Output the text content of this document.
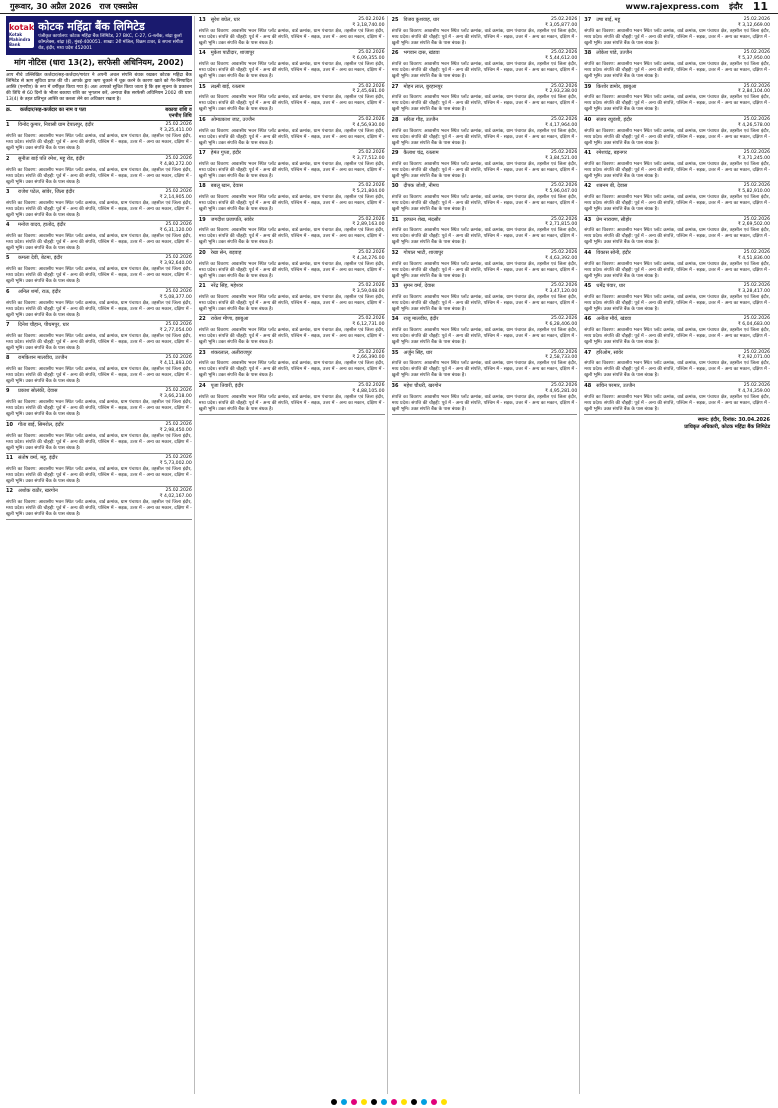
गुरूवार, 30 अप्रैल 2026 राज एक्सप्रेस	www.rajexpress.com इंदौर 11
kotak
Kotak Mahindra Bank
कोटक महिंद्रा बैंक लिमिटेड
पंजीकृत कार्यालय: कोटक महिंद्रा बैंक लिमिटेड, 27 BKC, C-27, G-ब्लॉक, बांद्रा कुर्ला कॉम्प्लेक्स, बांद्रा (ई), मुंबई-400051. शाखा: 2री मंजिल, विक्रम टावर, 8 सपना संगीता रोड, इंदौर, मध्य प्रदेश 452001
मांग नोटिस (धारा 13(2), सरफेसी अधिनियम, 2002)
आप नीचे उल्लिखित कर्जदार/सह-कर्जदार/गारंटर ने अपनी अचल संपत्ति बंधक रखकर कोटक महिंद्रा बैंक लिमिटेड से ऋण सुविधा प्राप्त की थी। आपके द्वारा ऋण चुकाने में चूक करने के कारण खाते को गैर-निष्पादित आस्ति (एनपीए) के रूप में वर्गीकृत किया गया है। अतः आपको सूचित किया जाता है कि इस सूचना के प्रकाशन की तिथि से 60 दिनों के भीतर बकाया राशि का भुगतान करें, अन्यथा बैंक सरफेसी अधिनियम 2002 की धारा 13(4) के तहत प्रतिभूत आस्ति का कब्जा लेने का अधिकार रखता है।
क्र.	कर्जदार/सह-कर्जदार का नाम व पता	बकाया राशि व एनपीए तिथि
1	विनोद कुमार, निवासी ग्राम देपालपुर, इंदौर	25.02.2026
₹ 3,25,411.00
संपत्ति का विवरण: आवासीय भवन स्थित प्लॉट क्रमांक, वार्ड क्रमांक, ग्राम पंचायत क्षेत्र, तहसील एवं जिला इंदौर, मध्य प्रदेश। संपत्ति की चौहद्दी: पूर्व में - अन्य की संपत्ति, पश्चिम में - सड़क, उत्तर में - अन्य का मकान, दक्षिण में - खुली भूमि। उक्त संपत्ति बैंक के पास बंधक है।
2	सुनीता बाई पति रमेश, महू रोड, इंदौर	25.02.2026
₹ 4,80,272.00
संपत्ति का विवरण: आवासीय भवन स्थित प्लॉट क्रमांक, वार्ड क्रमांक, ग्राम पंचायत क्षेत्र, तहसील एवं जिला इंदौर, मध्य प्रदेश। संपत्ति की चौहद्दी: पूर्व में - अन्य की संपत्ति, पश्चिम में - सड़क, उत्तर में - अन्य का मकान, दक्षिण में - खुली भूमि। उक्त संपत्ति बैंक के पास बंधक है।
3	राजेश पटेल, सांवेर, जिला इंदौर	25.02.2026
₹ 2,14,905.00
संपत्ति का विवरण: आवासीय भवन स्थित प्लॉट क्रमांक, वार्ड क्रमांक, ग्राम पंचायत क्षेत्र, तहसील एवं जिला इंदौर, मध्य प्रदेश। संपत्ति की चौहद्दी: पूर्व में - अन्य की संपत्ति, पश्चिम में - सड़क, उत्तर में - अन्य का मकान, दक्षिण में - खुली भूमि। उक्त संपत्ति बैंक के पास बंधक है।
4	मनोज यादव, हातोद, इंदौर	25.02.2026
₹ 6,31,120.00
संपत्ति का विवरण: आवासीय भवन स्थित प्लॉट क्रमांक, वार्ड क्रमांक, ग्राम पंचायत क्षेत्र, तहसील एवं जिला इंदौर, मध्य प्रदेश। संपत्ति की चौहद्दी: पूर्व में - अन्य की संपत्ति, पश्चिम में - सड़क, उत्तर में - अन्य का मकान, दक्षिण में - खुली भूमि। उक्त संपत्ति बैंक के पास बंधक है।
5	कमला देवी, बेटमा, इंदौर	25.02.2026
₹ 3,92,640.00
संपत्ति का विवरण: आवासीय भवन स्थित प्लॉट क्रमांक, वार्ड क्रमांक, ग्राम पंचायत क्षेत्र, तहसील एवं जिला इंदौर, मध्य प्रदेश। संपत्ति की चौहद्दी: पूर्व में - अन्य की संपत्ति, पश्चिम में - सड़क, उत्तर में - अन्य का मकान, दक्षिण में - खुली भूमि। उक्त संपत्ति बैंक के पास बंधक है।
6	अनिल शर्मा, राऊ, इंदौर	25.02.2026
₹ 5,08,377.00
संपत्ति का विवरण: आवासीय भवन स्थित प्लॉट क्रमांक, वार्ड क्रमांक, ग्राम पंचायत क्षेत्र, तहसील एवं जिला इंदौर, मध्य प्रदेश। संपत्ति की चौहद्दी: पूर्व में - अन्य की संपत्ति, पश्चिम में - सड़क, उत्तर में - अन्य का मकान, दक्षिण में - खुली भूमि। उक्त संपत्ति बैंक के पास बंधक है।
7	दिनेश चौहान, पीथमपुर, धार	25.02.2026
₹ 2,77,054.00
संपत्ति का विवरण: आवासीय भवन स्थित प्लॉट क्रमांक, वार्ड क्रमांक, ग्राम पंचायत क्षेत्र, तहसील एवं जिला इंदौर, मध्य प्रदेश। संपत्ति की चौहद्दी: पूर्व में - अन्य की संपत्ति, पश्चिम में - सड़क, उत्तर में - अन्य का मकान, दक्षिण में - खुली भूमि। उक्त संपत्ति बैंक के पास बंधक है।
8	रामकिशन मालवीय, उज्जैन	25.02.2026
₹ 4,11,893.00
संपत्ति का विवरण: आवासीय भवन स्थित प्लॉट क्रमांक, वार्ड क्रमांक, ग्राम पंचायत क्षेत्र, तहसील एवं जिला इंदौर, मध्य प्रदेश। संपत्ति की चौहद्दी: पूर्व में - अन्य की संपत्ति, पश्चिम में - सड़क, उत्तर में - अन्य का मकान, दक्षिण में - खुली भूमि। उक्त संपत्ति बैंक के पास बंधक है।
9	प्रकाश सोलंकी, देवास	25.02.2026
₹ 3,66,218.00
संपत्ति का विवरण: आवासीय भवन स्थित प्लॉट क्रमांक, वार्ड क्रमांक, ग्राम पंचायत क्षेत्र, तहसील एवं जिला इंदौर, मध्य प्रदेश। संपत्ति की चौहद्दी: पूर्व में - अन्य की संपत्ति, पश्चिम में - सड़क, उत्तर में - अन्य का मकान, दक्षिण में - खुली भूमि। उक्त संपत्ति बैंक के पास बंधक है।
10	गीता बाई, सिमरोल, इंदौर	25.02.2026
₹ 2,98,450.00
संपत्ति का विवरण: आवासीय भवन स्थित प्लॉट क्रमांक, वार्ड क्रमांक, ग्राम पंचायत क्षेत्र, तहसील एवं जिला इंदौर, मध्य प्रदेश। संपत्ति की चौहद्दी: पूर्व में - अन्य की संपत्ति, पश्चिम में - सड़क, उत्तर में - अन्य का मकान, दक्षिण में - खुली भूमि। उक्त संपत्ति बैंक के पास बंधक है।
11	संतोष वर्मा, महू, इंदौर	25.02.2026
₹ 5,73,002.00
संपत्ति का विवरण: आवासीय भवन स्थित प्लॉट क्रमांक, वार्ड क्रमांक, ग्राम पंचायत क्षेत्र, तहसील एवं जिला इंदौर, मध्य प्रदेश। संपत्ति की चौहद्दी: पूर्व में - अन्य की संपत्ति, पश्चिम में - सड़क, उत्तर में - अन्य का मकान, दक्षिण में - खुली भूमि। उक्त संपत्ति बैंक के पास बंधक है।
12	अशोक राठौर, खरगोन	25.02.2026
₹ 4,02,167.00
संपत्ति का विवरण: आवासीय भवन स्थित प्लॉट क्रमांक, वार्ड क्रमांक, ग्राम पंचायत क्षेत्र, तहसील एवं जिला इंदौर, मध्य प्रदेश। संपत्ति की चौहद्दी: पूर्व में - अन्य की संपत्ति, पश्चिम में - सड़क, उत्तर में - अन्य का मकान, दक्षिण में - खुली भूमि। उक्त संपत्ति बैंक के पास बंधक है।
13	सुरेश बघेल, धार	25.02.2026
₹ 3,18,740.00
संपत्ति का विवरण: आवासीय भवन स्थित प्लॉट क्रमांक, वार्ड क्रमांक, ग्राम पंचायत क्षेत्र, तहसील एवं जिला इंदौर, मध्य प्रदेश। संपत्ति की चौहद्दी: पूर्व में - अन्य की संपत्ति, पश्चिम में - सड़क, उत्तर में - अन्य का मकान, दक्षिण में - खुली भूमि। उक्त संपत्ति बैंक के पास बंधक है।
14	मुकेश पाटीदार, शाजापुर	25.02.2026
₹ 6,09,355.00
संपत्ति का विवरण: आवासीय भवन स्थित प्लॉट क्रमांक, वार्ड क्रमांक, ग्राम पंचायत क्षेत्र, तहसील एवं जिला इंदौर, मध्य प्रदेश। संपत्ति की चौहद्दी: पूर्व में - अन्य की संपत्ति, पश्चिम में - सड़क, उत्तर में - अन्य का मकान, दक्षिण में - खुली भूमि। उक्त संपत्ति बैंक के पास बंधक है।
15	लक्ष्मी बाई, रतलाम	25.02.2026
₹ 2,45,681.00
संपत्ति का विवरण: आवासीय भवन स्थित प्लॉट क्रमांक, वार्ड क्रमांक, ग्राम पंचायत क्षेत्र, तहसील एवं जिला इंदौर, मध्य प्रदेश। संपत्ति की चौहद्दी: पूर्व में - अन्य की संपत्ति, पश्चिम में - सड़क, उत्तर में - अन्य का मकान, दक्षिण में - खुली भूमि। उक्त संपत्ति बैंक के पास बंधक है।
16	ओमप्रकाश जाट, उज्जैन	25.02.2026
₹ 4,56,930.00
संपत्ति का विवरण: आवासीय भवन स्थित प्लॉट क्रमांक, वार्ड क्रमांक, ग्राम पंचायत क्षेत्र, तहसील एवं जिला इंदौर, मध्य प्रदेश। संपत्ति की चौहद्दी: पूर्व में - अन्य की संपत्ति, पश्चिम में - सड़क, उत्तर में - अन्य का मकान, दक्षिण में - खुली भूमि। उक्त संपत्ति बैंक के पास बंधक है।
17	हेमंत गुप्ता, इंदौर	25.02.2026
₹ 3,77,512.00
संपत्ति का विवरण: आवासीय भवन स्थित प्लॉट क्रमांक, वार्ड क्रमांक, ग्राम पंचायत क्षेत्र, तहसील एवं जिला इंदौर, मध्य प्रदेश। संपत्ति की चौहद्दी: पूर्व में - अन्य की संपत्ति, पश्चिम में - सड़क, उत्तर में - अन्य का मकान, दक्षिण में - खुली भूमि। उक्त संपत्ति बैंक के पास बंधक है।
18	बबलू खान, देवास	25.02.2026
₹ 5,21,804.00
संपत्ति का विवरण: आवासीय भवन स्थित प्लॉट क्रमांक, वार्ड क्रमांक, ग्राम पंचायत क्षेत्र, तहसील एवं जिला इंदौर, मध्य प्रदेश। संपत्ति की चौहद्दी: पूर्व में - अन्य की संपत्ति, पश्चिम में - सड़क, उत्तर में - अन्य का मकान, दक्षिण में - खुली भूमि। उक्त संपत्ति बैंक के पास बंधक है।
19	जगदीश प्रजापति, सांवेर	25.02.2026
₹ 2,89,163.00
संपत्ति का विवरण: आवासीय भवन स्थित प्लॉट क्रमांक, वार्ड क्रमांक, ग्राम पंचायत क्षेत्र, तहसील एवं जिला इंदौर, मध्य प्रदेश। संपत्ति की चौहद्दी: पूर्व में - अन्य की संपत्ति, पश्चिम में - सड़क, उत्तर में - अन्य का मकान, दक्षिण में - खुली भूमि। उक्त संपत्ति बैंक के पास बंधक है।
20	रेखा सेन, बड़वाह	25.02.2026
₹ 4,34,276.00
संपत्ति का विवरण: आवासीय भवन स्थित प्लॉट क्रमांक, वार्ड क्रमांक, ग्राम पंचायत क्षेत्र, तहसील एवं जिला इंदौर, मध्य प्रदेश। संपत्ति की चौहद्दी: पूर्व में - अन्य की संपत्ति, पश्चिम में - सड़क, उत्तर में - अन्य का मकान, दक्षिण में - खुली भूमि। उक्त संपत्ति बैंक के पास बंधक है।
21	नरेंद्र सिंह, महेश्वर	25.02.2026
₹ 3,59,048.00
संपत्ति का विवरण: आवासीय भवन स्थित प्लॉट क्रमांक, वार्ड क्रमांक, ग्राम पंचायत क्षेत्र, तहसील एवं जिला इंदौर, मध्य प्रदेश। संपत्ति की चौहद्दी: पूर्व में - अन्य की संपत्ति, पश्चिम में - सड़क, उत्तर में - अन्य का मकान, दक्षिण में - खुली भूमि। उक्त संपत्ति बैंक के पास बंधक है।
22	राकेश मीणा, झाबुआ	25.02.2026
₹ 6,12,731.00
संपत्ति का विवरण: आवासीय भवन स्थित प्लॉट क्रमांक, वार्ड क्रमांक, ग्राम पंचायत क्षेत्र, तहसील एवं जिला इंदौर, मध्य प्रदेश। संपत्ति की चौहद्दी: पूर्व में - अन्य की संपत्ति, पश्चिम में - सड़क, उत्तर में - अन्य का मकान, दक्षिण में - खुली भूमि। उक्त संपत्ति बैंक के पास बंधक है।
23	शंकरलाल, अलीराजपुर	25.02.2026
₹ 2,66,390.00
संपत्ति का विवरण: आवासीय भवन स्थित प्लॉट क्रमांक, वार्ड क्रमांक, ग्राम पंचायत क्षेत्र, तहसील एवं जिला इंदौर, मध्य प्रदेश। संपत्ति की चौहद्दी: पूर्व में - अन्य की संपत्ति, पश्चिम में - सड़क, उत्तर में - अन्य का मकान, दक्षिण में - खुली भूमि। उक्त संपत्ति बैंक के पास बंधक है।
24	पूजा तिवारी, इंदौर	25.02.2026
₹ 4,88,105.00
संपत्ति का विवरण: आवासीय भवन स्थित प्लॉट क्रमांक, वार्ड क्रमांक, ग्राम पंचायत क्षेत्र, तहसील एवं जिला इंदौर, मध्य प्रदेश। संपत्ति की चौहद्दी: पूर्व में - अन्य की संपत्ति, पश्चिम में - सड़क, उत्तर में - अन्य का मकान, दक्षिण में - खुली भूमि। उक्त संपत्ति बैंक के पास बंधक है।
25	विजय कुशवाह, धार	25.02.2026
₹ 3,05,877.00
संपत्ति का विवरण: आवासीय भवन स्थित प्लॉट क्रमांक, वार्ड क्रमांक, ग्राम पंचायत क्षेत्र, तहसील एवं जिला इंदौर, मध्य प्रदेश। संपत्ति की चौहद्दी: पूर्व में - अन्य की संपत्ति, पश्चिम में - सड़क, उत्तर में - अन्य का मकान, दक्षिण में - खुली भूमि। उक्त संपत्ति बैंक के पास बंधक है।
26	भगवान दास, खंडवा	25.02.2026
₹ 5,44,612.00
संपत्ति का विवरण: आवासीय भवन स्थित प्लॉट क्रमांक, वार्ड क्रमांक, ग्राम पंचायत क्षेत्र, तहसील एवं जिला इंदौर, मध्य प्रदेश। संपत्ति की चौहद्दी: पूर्व में - अन्य की संपत्ति, पश्चिम में - सड़क, उत्तर में - अन्य का मकान, दक्षिण में - खुली भूमि। उक्त संपत्ति बैंक के पास बंधक है।
27	मोहन लाल, बुरहानपुर	25.02.2026
₹ 2,93,238.00
संपत्ति का विवरण: आवासीय भवन स्थित प्लॉट क्रमांक, वार्ड क्रमांक, ग्राम पंचायत क्षेत्र, तहसील एवं जिला इंदौर, मध्य प्रदेश। संपत्ति की चौहद्दी: पूर्व में - अन्य की संपत्ति, पश्चिम में - सड़क, उत्तर में - अन्य का मकान, दक्षिण में - खुली भूमि। उक्त संपत्ति बैंक के पास बंधक है।
28	सरिता गौड़, उज्जैन	25.02.2026
₹ 4,17,964.00
संपत्ति का विवरण: आवासीय भवन स्थित प्लॉट क्रमांक, वार्ड क्रमांक, ग्राम पंचायत क्षेत्र, तहसील एवं जिला इंदौर, मध्य प्रदेश। संपत्ति की चौहद्दी: पूर्व में - अन्य की संपत्ति, पश्चिम में - सड़क, उत्तर में - अन्य का मकान, दक्षिण में - खुली भूमि। उक्त संपत्ति बैंक के पास बंधक है।
29	कैलाश चंद्र, रतलाम	25.02.2026
₹ 3,84,521.00
संपत्ति का विवरण: आवासीय भवन स्थित प्लॉट क्रमांक, वार्ड क्रमांक, ग्राम पंचायत क्षेत्र, तहसील एवं जिला इंदौर, मध्य प्रदेश। संपत्ति की चौहद्दी: पूर्व में - अन्य की संपत्ति, पश्चिम में - सड़क, उत्तर में - अन्य का मकान, दक्षिण में - खुली भूमि। उक्त संपत्ति बैंक के पास बंधक है।
30	दीपक जोशी, नीमच	25.02.2026
₹ 5,96,047.00
संपत्ति का विवरण: आवासीय भवन स्थित प्लॉट क्रमांक, वार्ड क्रमांक, ग्राम पंचायत क्षेत्र, तहसील एवं जिला इंदौर, मध्य प्रदेश। संपत्ति की चौहद्दी: पूर्व में - अन्य की संपत्ति, पश्चिम में - सड़क, उत्तर में - अन्य का मकान, दक्षिण में - खुली भूमि। उक्त संपत्ति बैंक के पास बंधक है।
31	इरफान शेख, मंदसौर	25.02.2026
₹ 2,71,815.00
संपत्ति का विवरण: आवासीय भवन स्थित प्लॉट क्रमांक, वार्ड क्रमांक, ग्राम पंचायत क्षेत्र, तहसील एवं जिला इंदौर, मध्य प्रदेश। संपत्ति की चौहद्दी: पूर्व में - अन्य की संपत्ति, पश्चिम में - सड़क, उत्तर में - अन्य का मकान, दक्षिण में - खुली भूमि। उक्त संपत्ति बैंक के पास बंधक है।
32	गोपाल भाटी, शाजापुर	25.02.2026
₹ 4,63,392.00
संपत्ति का विवरण: आवासीय भवन स्थित प्लॉट क्रमांक, वार्ड क्रमांक, ग्राम पंचायत क्षेत्र, तहसील एवं जिला इंदौर, मध्य प्रदेश। संपत्ति की चौहद्दी: पूर्व में - अन्य की संपत्ति, पश्चिम में - सड़क, उत्तर में - अन्य का मकान, दक्षिण में - खुली भूमि। उक्त संपत्ति बैंक के पास बंधक है।
33	सुमन वर्मा, देवास	25.02.2026
₹ 3,47,120.00
संपत्ति का विवरण: आवासीय भवन स्थित प्लॉट क्रमांक, वार्ड क्रमांक, ग्राम पंचायत क्षेत्र, तहसील एवं जिला इंदौर, मध्य प्रदेश। संपत्ति की चौहद्दी: पूर्व में - अन्य की संपत्ति, पश्चिम में - सड़क, उत्तर में - अन्य का मकान, दक्षिण में - खुली भूमि। उक्त संपत्ति बैंक के पास बंधक है।
34	राजू मालवीय, इंदौर	25.02.2026
₹ 6,28,406.00
संपत्ति का विवरण: आवासीय भवन स्थित प्लॉट क्रमांक, वार्ड क्रमांक, ग्राम पंचायत क्षेत्र, तहसील एवं जिला इंदौर, मध्य प्रदेश। संपत्ति की चौहद्दी: पूर्व में - अन्य की संपत्ति, पश्चिम में - सड़क, उत्तर में - अन्य का मकान, दक्षिण में - खुली भूमि। उक्त संपत्ति बैंक के पास बंधक है।
35	अर्जुन सिंह, धार	25.02.2026
₹ 2,58,733.00
संपत्ति का विवरण: आवासीय भवन स्थित प्लॉट क्रमांक, वार्ड क्रमांक, ग्राम पंचायत क्षेत्र, तहसील एवं जिला इंदौर, मध्य प्रदेश। संपत्ति की चौहद्दी: पूर्व में - अन्य की संपत्ति, पश्चिम में - सड़क, उत्तर में - अन्य का मकान, दक्षिण में - खुली भूमि। उक्त संपत्ति बैंक के पास बंधक है।
36	महेश चौधरी, खरगोन	25.02.2026
₹ 4,95,281.00
संपत्ति का विवरण: आवासीय भवन स्थित प्लॉट क्रमांक, वार्ड क्रमांक, ग्राम पंचायत क्षेत्र, तहसील एवं जिला इंदौर, मध्य प्रदेश। संपत्ति की चौहद्दी: पूर्व में - अन्य की संपत्ति, पश्चिम में - सड़क, उत्तर में - अन्य का मकान, दक्षिण में - खुली भूमि। उक्त संपत्ति बैंक के पास बंधक है।
37	उषा बाई, महू	25.02.2026
₹ 3,12,669.00
संपत्ति का विवरण: आवासीय भवन स्थित प्लॉट क्रमांक, वार्ड क्रमांक, ग्राम पंचायत क्षेत्र, तहसील एवं जिला इंदौर, मध्य प्रदेश। संपत्ति की चौहद्दी: पूर्व में - अन्य की संपत्ति, पश्चिम में - सड़क, उत्तर में - अन्य का मकान, दक्षिण में - खुली भूमि। उक्त संपत्ति बैंक के पास बंधक है।
38	लोकेश पांडे, उज्जैन	25.02.2026
₹ 5,37,950.00
संपत्ति का विवरण: आवासीय भवन स्थित प्लॉट क्रमांक, वार्ड क्रमांक, ग्राम पंचायत क्षेत्र, तहसील एवं जिला इंदौर, मध्य प्रदेश। संपत्ति की चौहद्दी: पूर्व में - अन्य की संपत्ति, पश्चिम में - सड़क, उत्तर में - अन्य का मकान, दक्षिण में - खुली भूमि। उक्त संपत्ति बैंक के पास बंधक है।
39	किशोर डामोर, झाबुआ	25.02.2026
₹ 2,84,104.00
संपत्ति का विवरण: आवासीय भवन स्थित प्लॉट क्रमांक, वार्ड क्रमांक, ग्राम पंचायत क्षेत्र, तहसील एवं जिला इंदौर, मध्य प्रदेश। संपत्ति की चौहद्दी: पूर्व में - अन्य की संपत्ति, पश्चिम में - सड़क, उत्तर में - अन्य का मकान, दक्षिण में - खुली भूमि। उक्त संपत्ति बैंक के पास बंधक है।
40	संजय रघुवंशी, इंदौर	25.02.2026
₹ 4,26,578.00
संपत्ति का विवरण: आवासीय भवन स्थित प्लॉट क्रमांक, वार्ड क्रमांक, ग्राम पंचायत क्षेत्र, तहसील एवं जिला इंदौर, मध्य प्रदेश। संपत्ति की चौहद्दी: पूर्व में - अन्य की संपत्ति, पश्चिम में - सड़क, उत्तर में - अन्य का मकान, दक्षिण में - खुली भूमि। उक्त संपत्ति बैंक के पास बंधक है।
41	रमेशचंद्र, बड़नगर	25.02.2026
₹ 3,71,245.00
संपत्ति का विवरण: आवासीय भवन स्थित प्लॉट क्रमांक, वार्ड क्रमांक, ग्राम पंचायत क्षेत्र, तहसील एवं जिला इंदौर, मध्य प्रदेश। संपत्ति की चौहद्दी: पूर्व में - अन्य की संपत्ति, पश्चिम में - सड़क, उत्तर में - अन्य का मकान, दक्षिण में - खुली भूमि। उक्त संपत्ति बैंक के पास बंधक है।
42	शबनम बी, देवास	25.02.2026
₹ 5,82,910.00
संपत्ति का विवरण: आवासीय भवन स्थित प्लॉट क्रमांक, वार्ड क्रमांक, ग्राम पंचायत क्षेत्र, तहसील एवं जिला इंदौर, मध्य प्रदेश। संपत्ति की चौहद्दी: पूर्व में - अन्य की संपत्ति, पश्चिम में - सड़क, उत्तर में - अन्य का मकान, दक्षिण में - खुली भूमि। उक्त संपत्ति बैंक के पास बंधक है।
43	प्रेम नारायण, सीहोर	25.02.2026
₹ 2,69,502.00
संपत्ति का विवरण: आवासीय भवन स्थित प्लॉट क्रमांक, वार्ड क्रमांक, ग्राम पंचायत क्षेत्र, तहसील एवं जिला इंदौर, मध्य प्रदेश। संपत्ति की चौहद्दी: पूर्व में - अन्य की संपत्ति, पश्चिम में - सड़क, उत्तर में - अन्य का मकान, दक्षिण में - खुली भूमि। उक्त संपत्ति बैंक के पास बंधक है।
44	विकास सोनी, इंदौर	25.02.2026
₹ 4,51,836.00
संपत्ति का विवरण: आवासीय भवन स्थित प्लॉट क्रमांक, वार्ड क्रमांक, ग्राम पंचायत क्षेत्र, तहसील एवं जिला इंदौर, मध्य प्रदेश। संपत्ति की चौहद्दी: पूर्व में - अन्य की संपत्ति, पश्चिम में - सड़क, उत्तर में - अन्य का मकान, दक्षिण में - खुली भूमि। उक्त संपत्ति बैंक के पास बंधक है।
45	धर्मेंद्र पंवार, धार	25.02.2026
₹ 3,28,417.00
संपत्ति का विवरण: आवासीय भवन स्थित प्लॉट क्रमांक, वार्ड क्रमांक, ग्राम पंचायत क्षेत्र, तहसील एवं जिला इंदौर, मध्य प्रदेश। संपत्ति की चौहद्दी: पूर्व में - अन्य की संपत्ति, पश्चिम में - सड़क, उत्तर में - अन्य का मकान, दक्षिण में - खुली भूमि। उक्त संपत्ति बैंक के पास बंधक है।
46	अनीता मौर्य, खंडवा	25.02.2026
₹ 6,04,683.00
संपत्ति का विवरण: आवासीय भवन स्थित प्लॉट क्रमांक, वार्ड क्रमांक, ग्राम पंचायत क्षेत्र, तहसील एवं जिला इंदौर, मध्य प्रदेश। संपत्ति की चौहद्दी: पूर्व में - अन्य की संपत्ति, पश्चिम में - सड़क, उत्तर में - अन्य का मकान, दक्षिण में - खुली भूमि। उक्त संपत्ति बैंक के पास बंधक है।
47	हरिओम, सांवेर	25.02.2026
₹ 2,92,071.00
संपत्ति का विवरण: आवासीय भवन स्थित प्लॉट क्रमांक, वार्ड क्रमांक, ग्राम पंचायत क्षेत्र, तहसील एवं जिला इंदौर, मध्य प्रदेश। संपत्ति की चौहद्दी: पूर्व में - अन्य की संपत्ति, पश्चिम में - सड़क, उत्तर में - अन्य का मकान, दक्षिण में - खुली भूमि। उक्त संपत्ति बैंक के पास बंधक है।
48	सचिन परमार, उज्जैन	25.02.2026
₹ 4,74,359.00
संपत्ति का विवरण: आवासीय भवन स्थित प्लॉट क्रमांक, वार्ड क्रमांक, ग्राम पंचायत क्षेत्र, तहसील एवं जिला इंदौर, मध्य प्रदेश। संपत्ति की चौहद्दी: पूर्व में - अन्य की संपत्ति, पश्चिम में - सड़क, उत्तर में - अन्य का मकान, दक्षिण में - खुली भूमि। उक्त संपत्ति बैंक के पास बंधक है।
स्थान: इंदौर, दिनांक: 30.04.2026
प्राधिकृत अधिकारी, कोटक महिंद्रा बैंक लिमिटेड
